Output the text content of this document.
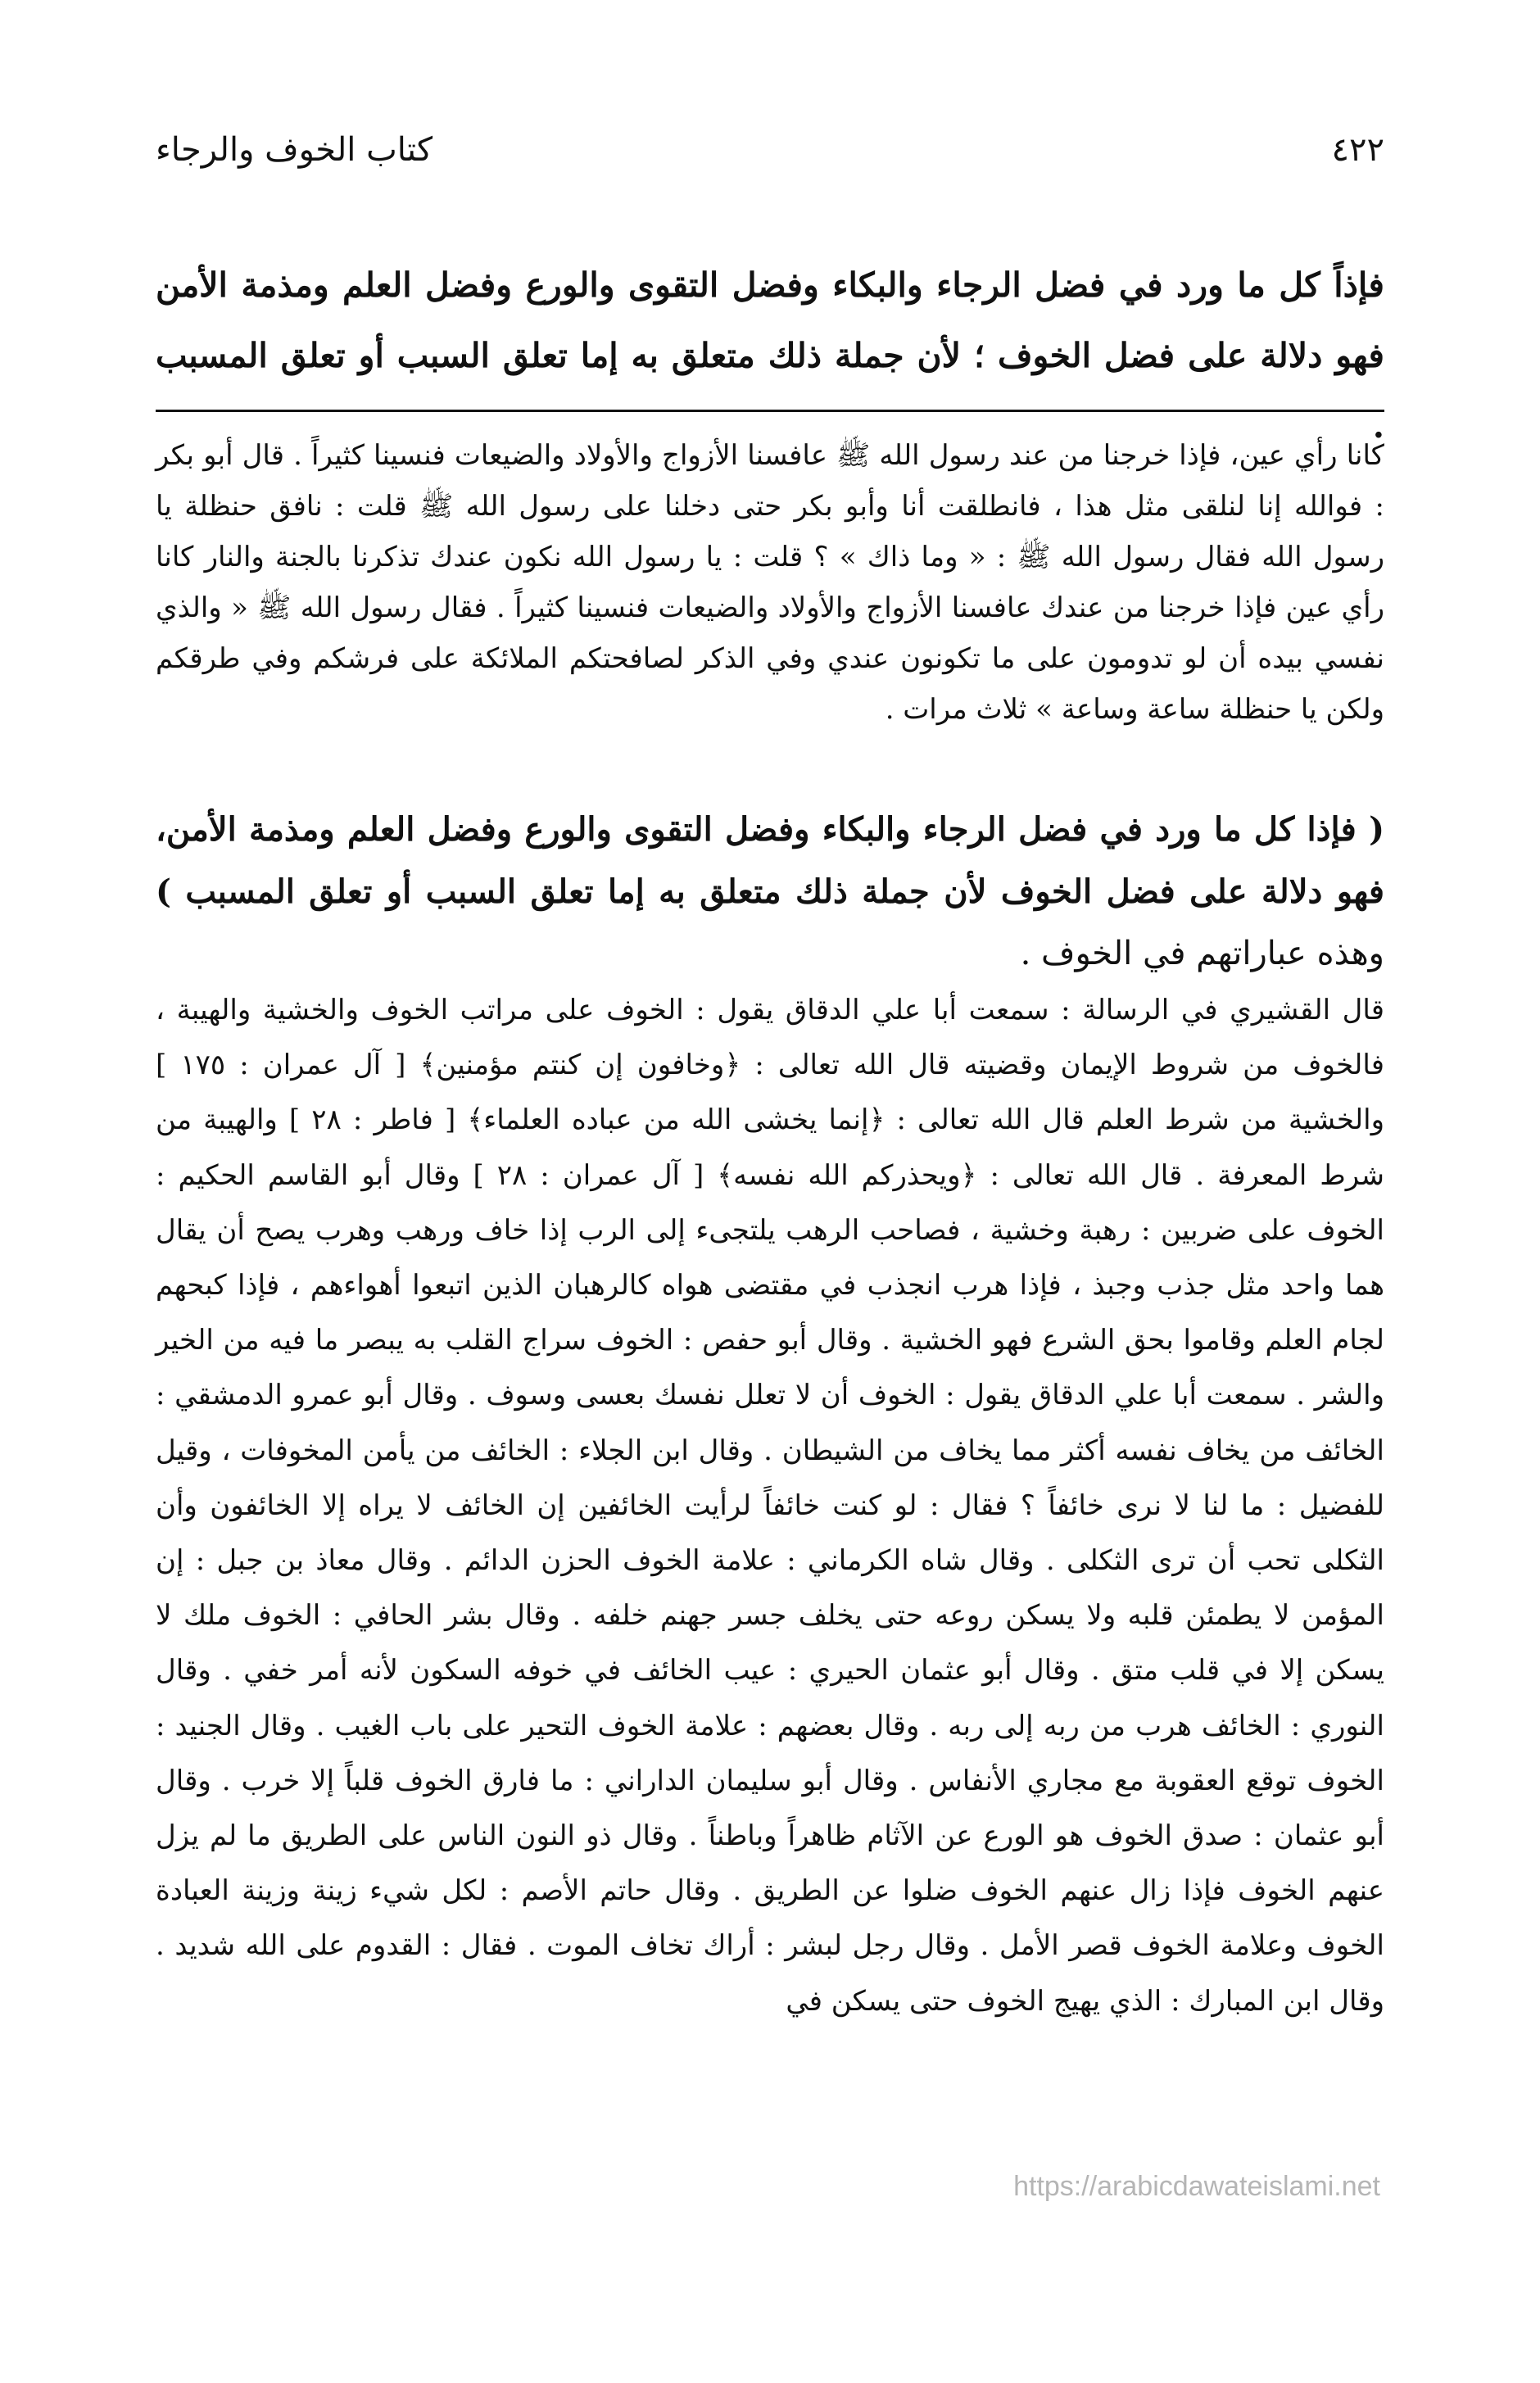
٤٢٢
كتاب الخوف والرجاء
فإذاً كل ما ورد في فضل الرجاء والبكاء وفضل التقوى والورع وفضل العلم ومذمة الأمن فهو دلالة على فضل الخوف ؛ لأن جملة ذلك متعلق به إما تعلق السبب أو تعلق المسبب .
كانا رأي عين، فإذا خرجنا من عند رسول الله ﷺ عافسنا الأزواج والأولاد والضيعات فنسينا كثيراً . قال أبو بكر : فوالله إنا لنلقى مثل هذا ، فانطلقت أنا وأبو بكر حتى دخلنا على رسول الله ﷺ قلت : نافق حنظلة يا رسول الله فقال رسول الله ﷺ : « وما ذاك » ؟ قلت : يا رسول الله نكون عندك تذكرنا بالجنة والنار كانا رأي عين فإذا خرجنا من عندك عافسنا الأزواج والأولاد والضيعات فنسينا كثيراً . فقال رسول الله ﷺ « والذي نفسي بيده أن لو تدومون على ما تكونون عندي وفي الذكر لصافحتكم الملائكة على فرشكم وفي طرقكم ولكن يا حنظلة ساعة وساعة » ثلاث مرات .
( فإذا كل ما ورد في فضل الرجاء والبكاء وفضل التقوى والورع وفضل العلم ومذمة الأمن، فهو دلالة على فضل الخوف لأن جملة ذلك متعلق به إما تعلق السبب أو تعلق المسبب ) وهذه عباراتهم في الخوف .
قال القشيري في الرسالة : سمعت أبا علي الدقاق يقول : الخوف على مراتب الخوف والخشية والهيبة ، فالخوف من شروط الإيمان وقضيته قال الله تعالى : ﴿وخافون إن كنتم مؤمنين﴾ [ آل عمران : ١٧٥ ] والخشية من شرط العلم قال الله تعالى : ﴿إنما يخشى الله من عباده العلماء﴾ [ فاطر : ٢٨ ] والهيبة من شرط المعرفة . قال الله تعالى : ﴿ويحذركم الله نفسه﴾ [ آل عمران : ٢٨ ] وقال أبو القاسم الحكيم : الخوف على ضربين : رهبة وخشية ، فصاحب الرهب يلتجىء إلى الرب إذا خاف ورهب وهرب يصح أن يقال هما واحد مثل جذب وجبذ ، فإذا هرب انجذب في مقتضى هواه كالرهبان الذين اتبعوا أهواءهم ، فإذا كبحهم لجام العلم وقاموا بحق الشرع فهو الخشية . وقال أبو حفص : الخوف سراج القلب به يبصر ما فيه من الخير والشر . سمعت أبا علي الدقاق يقول : الخوف أن لا تعلل نفسك بعسى وسوف . وقال أبو عمرو الدمشقي : الخائف من يخاف نفسه أكثر مما يخاف من الشيطان . وقال ابن الجلاء : الخائف من يأمن المخوفات ، وقيل للفضيل : ما لنا لا نرى خائفاً ؟ فقال : لو كنت خائفاً لرأيت الخائفين إن الخائف لا يراه إلا الخائفون وأن الثكلى تحب أن ترى الثكلى . وقال شاه الكرماني : علامة الخوف الحزن الدائم . وقال معاذ بن جبل : إن المؤمن لا يطمئن قلبه ولا يسكن روعه حتى يخلف جسر جهنم خلفه . وقال بشر الحافي : الخوف ملك لا يسكن إلا في قلب متق . وقال أبو عثمان الحيري : عيب الخائف في خوفه السكون لأنه أمر خفي . وقال النوري : الخائف هرب من ربه إلى ربه . وقال بعضهم : علامة الخوف التحير على باب الغيب . وقال الجنيد : الخوف توقع العقوبة مع مجاري الأنفاس . وقال أبو سليمان الداراني : ما فارق الخوف قلباً إلا خرب . وقال أبو عثمان : صدق الخوف هو الورع عن الآثام ظاهراً وباطناً . وقال ذو النون الناس على الطريق ما لم يزل عنهم الخوف فإذا زال عنهم الخوف ضلوا عن الطريق . وقال حاتم الأصم : لكل شيء زينة وزينة العبادة الخوف وعلامة الخوف قصر الأمل . وقال رجل لبشر : أراك تخاف الموت . فقال : القدوم على الله شديد . وقال ابن المبارك : الذي يهيج الخوف حتى يسكن في
https://arabicdawateislami.net
